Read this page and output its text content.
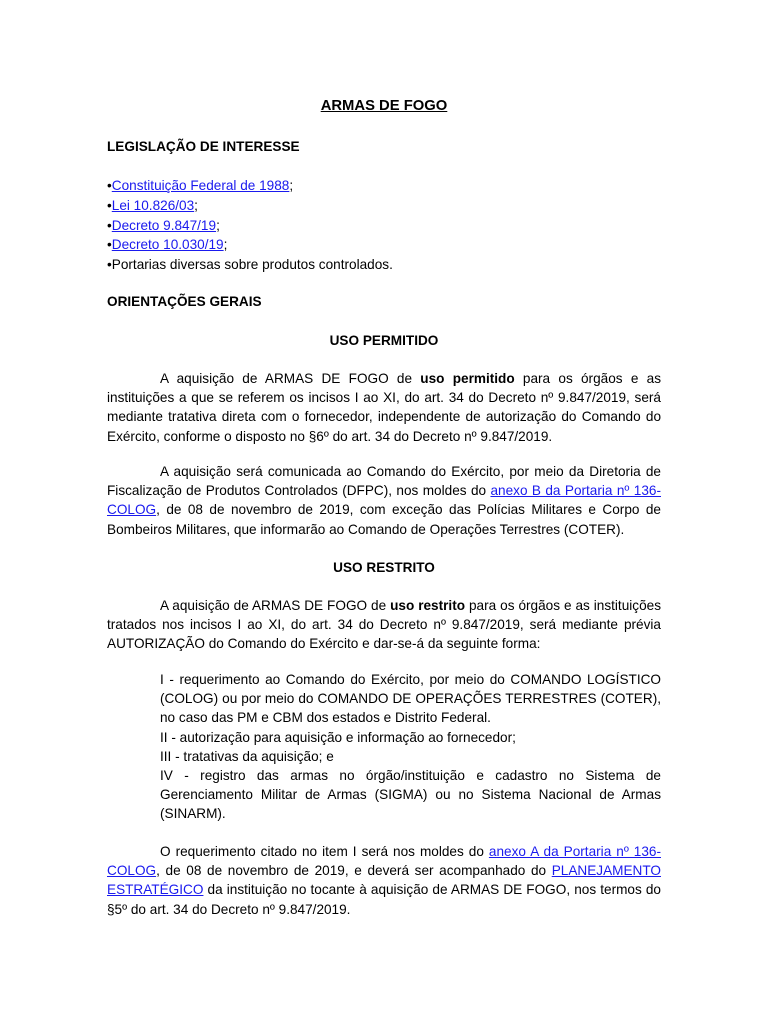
ARMAS DE FOGO
LEGISLAÇÃO DE INTERESSE
•Constituição Federal de 1988;
•Lei 10.826/03;
•Decreto 9.847/19;
•Decreto 10.030/19;
•Portarias diversas sobre produtos controlados.
ORIENTAÇÕES GERAIS
USO PERMITIDO
A aquisição de ARMAS DE FOGO de uso permitido para os órgãos e as instituições a que se referem os incisos I ao XI, do art. 34 do Decreto nº 9.847/2019, será mediante tratativa direta com o fornecedor, independente de autorização do Comando do Exército, conforme o disposto no §6º do art. 34 do Decreto nº 9.847/2019.
A aquisição será comunicada ao Comando do Exército, por meio da Diretoria de Fiscalização de Produtos Controlados (DFPC), nos moldes do anexo B da Portaria nº 136-COLOG, de 08 de novembro de 2019, com exceção das Polícias Militares e Corpo de Bombeiros Militares, que informarão ao Comando de Operações Terrestres (COTER).
USO RESTRITO
A aquisição de ARMAS DE FOGO de uso restrito para os órgãos e as instituições tratados nos incisos I ao XI, do art. 34 do Decreto nº 9.847/2019, será mediante prévia AUTORIZAÇÃO do Comando do Exército e dar-se-á da seguinte forma:

I - requerimento ao Comando do Exército, por meio do COMANDO LOGÍSTICO (COLOG) ou por meio do COMANDO DE OPERAÇÕES TERRESTRES (COTER), no caso das PM e CBM dos estados e Distrito Federal.

II - autorização para aquisição e informação ao fornecedor;

III - tratativas da aquisição; e

IV - registro das armas no órgão/instituição e cadastro no Sistema de Gerenciamento Militar de Armas (SIGMA) ou no Sistema Nacional de Armas (SINARM).

O requerimento citado no item I será nos moldes do anexo A da Portaria nº 136-COLOG, de 08 de novembro de 2019, e deverá ser acompanhado do PLANEJAMENTO ESTRATÉGICO da instituição no tocante à aquisição de ARMAS DE FOGO, nos termos do §5º do art. 34 do Decreto nº 9.847/2019.
